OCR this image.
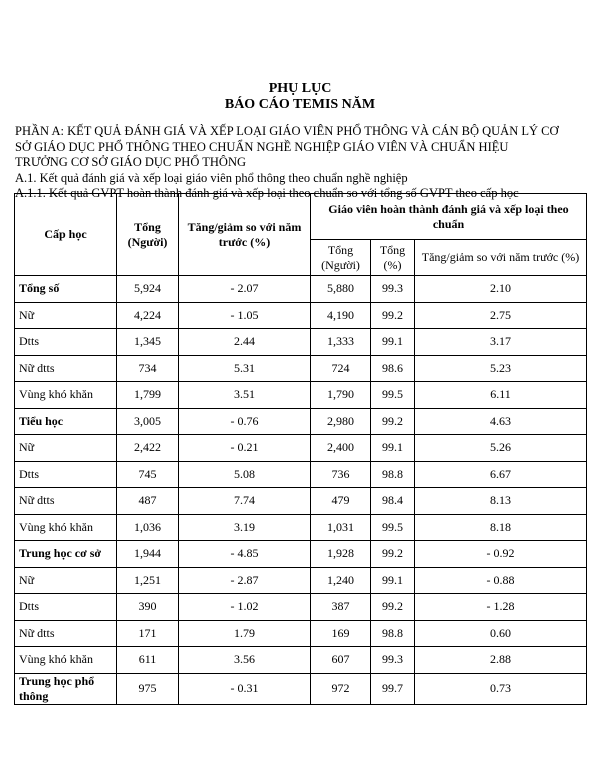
PHỤ LỤC
BÁO CÁO TEMIS NĂM
PHẦN A: KẾT QUẢ ĐÁNH GIÁ VÀ XẾP LOẠI GIÁO VIÊN PHỔ THÔNG VÀ CÁN BỘ QUẢN LÝ CƠ
SỞ GIÁO DỤC PHỔ THÔNG THEO CHUẨN NGHỀ NGHIỆP GIÁO VIÊN VÀ CHUẨN HIỆU
TRƯỞNG CƠ SỞ GIÁO DỤC PHỔ THÔNG
A.1. Kết quả đánh giá và xếp loại giáo viên phổ thông theo chuẩn nghề nghiệp
A.1.1. Kết quả GVPT hoàn thành đánh giá và xếp loại theo chuẩn so với tổng số GVPT theo cấp học
Cấp học	Tổng (Người)	Tăng/giảm so với năm trước (%)	Giáo viên hoàn thành đánh giá và xếp loại theo chuẩn		
			Tổng (Người)	Tổng (%)	Tăng/giảm so với năm trước (%)
Tổng số	5,924	- 2.07	5,880	99.3	2.10
Nữ	4,224	- 1.05	4,190	99.2	2.75
Dtts	1,345	2.44	1,333	99.1	3.17
Nữ dtts	734	5.31	724	98.6	5.23
Vùng khó khăn	1,799	3.51	1,790	99.5	6.11
Tiểu học	3,005	- 0.76	2,980	99.2	4.63
Nữ	2,422	- 0.21	2,400	99.1	5.26
Dtts	745	5.08	736	98.8	6.67
Nữ dtts	487	7.74	479	98.4	8.13
Vùng khó khăn	1,036	3.19	1,031	99.5	8.18
Trung học cơ sở	1,944	- 4.85	1,928	99.2	- 0.92
Nữ	1,251	- 2.87	1,240	99.1	- 0.88
Dtts	390	- 1.02	387	99.2	- 1.28
Nữ dtts	171	1.79	169	98.8	0.60
Vùng khó khăn	611	3.56	607	99.3	2.88
Trung học phổ thông	975	- 0.31	972	99.7	0.73
